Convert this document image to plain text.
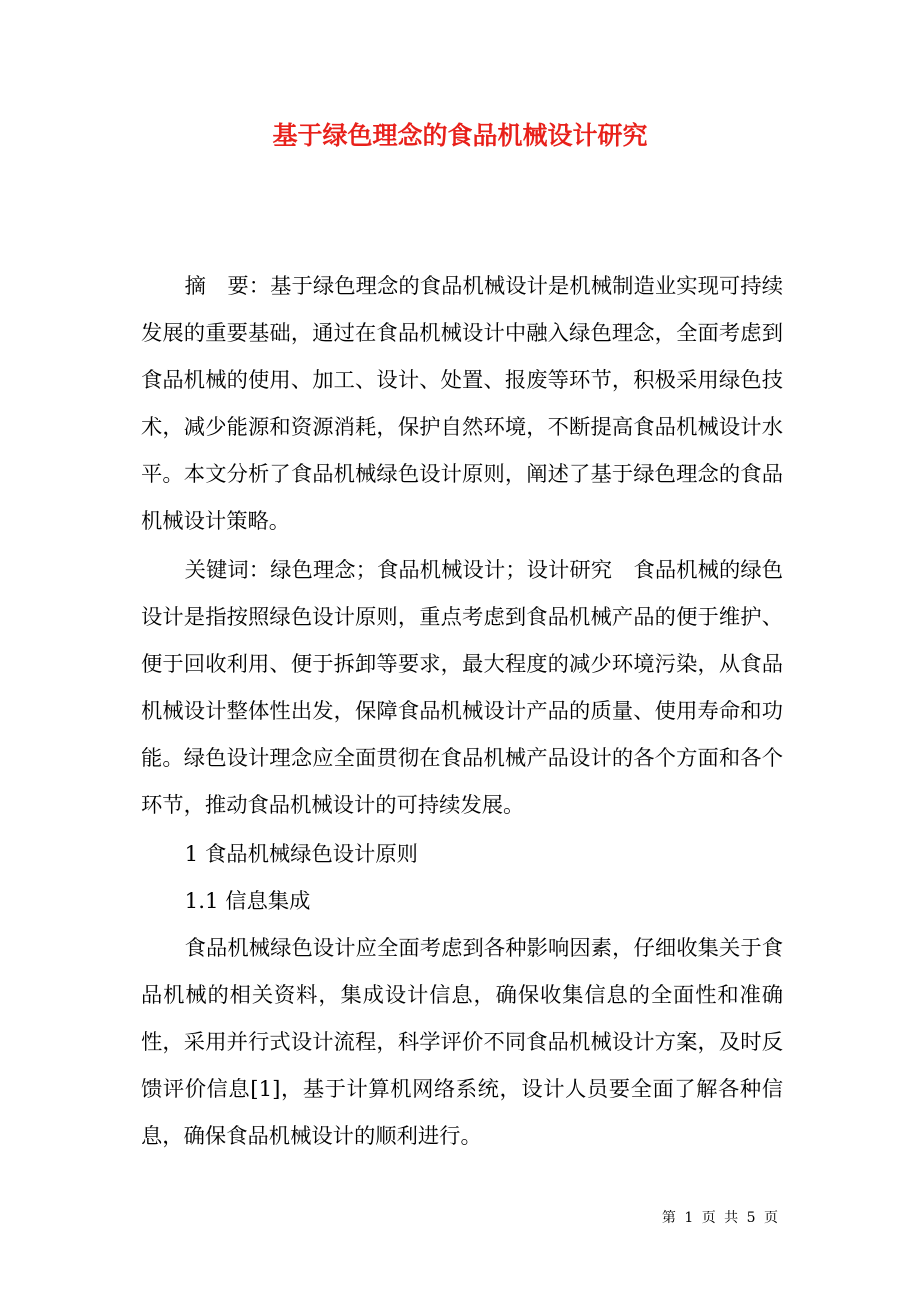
基于绿色理念的食品机械设计研究

摘　要：基于绿色理念的食品机械设计是机械制造业实现可持续发展的重要基础，通过在食品机械设计中融入绿色理念，全面考虑到食品机械的使用、加工、设计、处置、报废等环节，积极采用绿色技术，减少能源和资源消耗，保护自然环境，不断提高食品机械设计水平。本文分析了食品机械绿色设计原则，阐述了基于绿色理念的食品机械设计策略。

关键词：绿色理念；食品机械设计；设计研究　食品机械的绿色设计是指按照绿色设计原则，重点考虑到食品机械产品的便于维护、便于回收利用、便于拆卸等要求，最大程度的减少环境污染，从食品机械设计整体性出发，保障食品机械设计产品的质量、使用寿命和功能。绿色设计理念应全面贯彻在食品机械产品设计的各个方面和各个环节，推动食品机械设计的可持续发展。

1 食品机械绿色设计原则

1.1 信息集成

食品机械绿色设计应全面考虑到各种影响因素，仔细收集关于食品机械的相关资料，集成设计信息，确保收集信息的全面性和准确性，采用并行式设计流程，科学评价不同食品机械设计方案，及时反馈评价信息[1]，基于计算机网络系统，设计人员要全面了解各种信息，确保食品机械设计的顺利进行。

第 1 页 共 5 页
